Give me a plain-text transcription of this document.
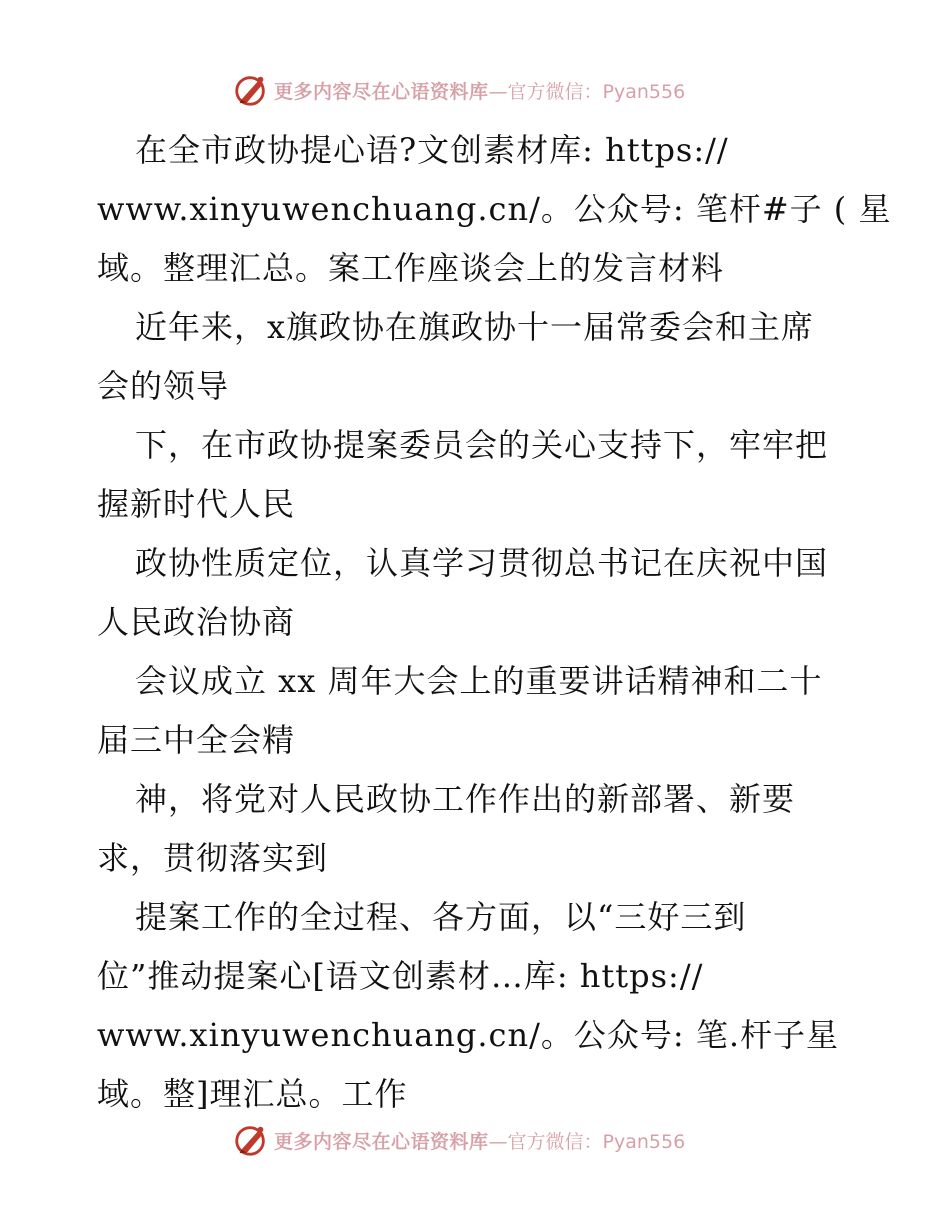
更多内容尽在心语资料库 —官方微信：Pyan556
在全市政协提心语?文创素材库: https://
www.xinyuwenchuang.cn/。公众号: 笔杆#子 ( 星
域。整理汇总。案工作座谈会上的发言材料
近年来，x旗政协在旗政协十一届常委会和主席
会的领导
下，在市政协提案委员会的关心支持下，牢牢把
握新时代人民
政协性质定位，认真学习贯彻总书记在庆祝中国
人民政治协商
会议成立 xx 周年大会上的重要讲话精神和二十
届三中全会精
神，将党对人民政协工作作出的新部署、新要
求，贯彻落实到
提案工作的全过程、各方面，以“三好三到
位”推动提案心[语文创素材…库: https://
www.xinyuwenchuang.cn/。公众号: 笔.杆子星
域。整]理汇总。工作
更多内容尽在心语资料库 —官方微信：Pyan556
